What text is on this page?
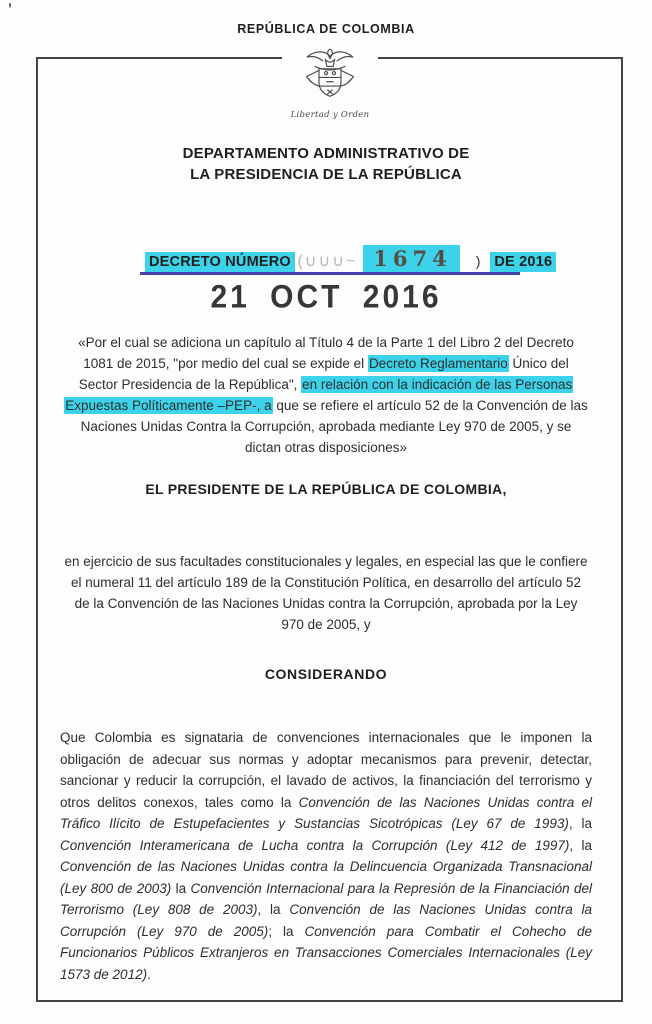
’
REPÚBLICA DE COLOMBIA
Libertad y Orden
DEPARTAMENTO ADMINISTRATIVO DE
LA PRESIDENCIA DE LA REPÚBLICA
DECRETO NÚMERO ’(∪∪∪~ 1674	) DE 2016
21 OCT 2016
«Por el cual se adiciona un capítulo al Título 4 de la Parte 1 del Libro 2 del Decreto 1081 de 2015, "por medio del cual se expide el Decreto Reglamentario Único del Sector Presidencia de la República", en relación con la indicación de las Personas Expuestas Políticamente –PEP-, a que se refiere el artículo 52 de la Convención de las Naciones Unidas Contra la Corrupción, aprobada mediante Ley 970 de 2005, y se dictan otras disposiciones»
EL PRESIDENTE DE LA REPÚBLICA DE COLOMBIA,
en ejercicio de sus facultades constitucionales y legales, en especial las que le confiere el numeral 11 del artículo 189 de la Constitución Política, en desarrollo del artículo 52 de la Convención de las Naciones Unidas contra la Corrupción, aprobada por la Ley 970 de 2005, y
CONSIDERANDO
Que Colombia es signataria de convenciones internacionales que le imponen la obligación de adecuar sus normas y adoptar mecanismos para prevenir, detectar, sancionar y reducir la corrupción, el lavado de activos, la financiación del terrorismo y otros delitos conexos, tales como la Convención de las Naciones Unidas contra el Tráfico Ilícito de Estupefacientes y Sustancias Sicotrópicas (Ley 67 de 1993), la Convención Interamericana de Lucha contra la Corrupción (Ley 412 de 1997), la Convención de las Naciones Unidas contra la Delincuencia Organizada Transnacional (Ley 800 de 2003) la Convención Internacional para la Represión de la Financiación del Terrorismo (Ley 808 de 2003), la Convención de las Naciones Unidas contra la Corrupción (Ley 970 de 2005); la Convención para Combatir el Cohecho de Funcionarios Públicos Extranjeros en Transacciones Comerciales Internacionales (Ley 1573 de 2012).
